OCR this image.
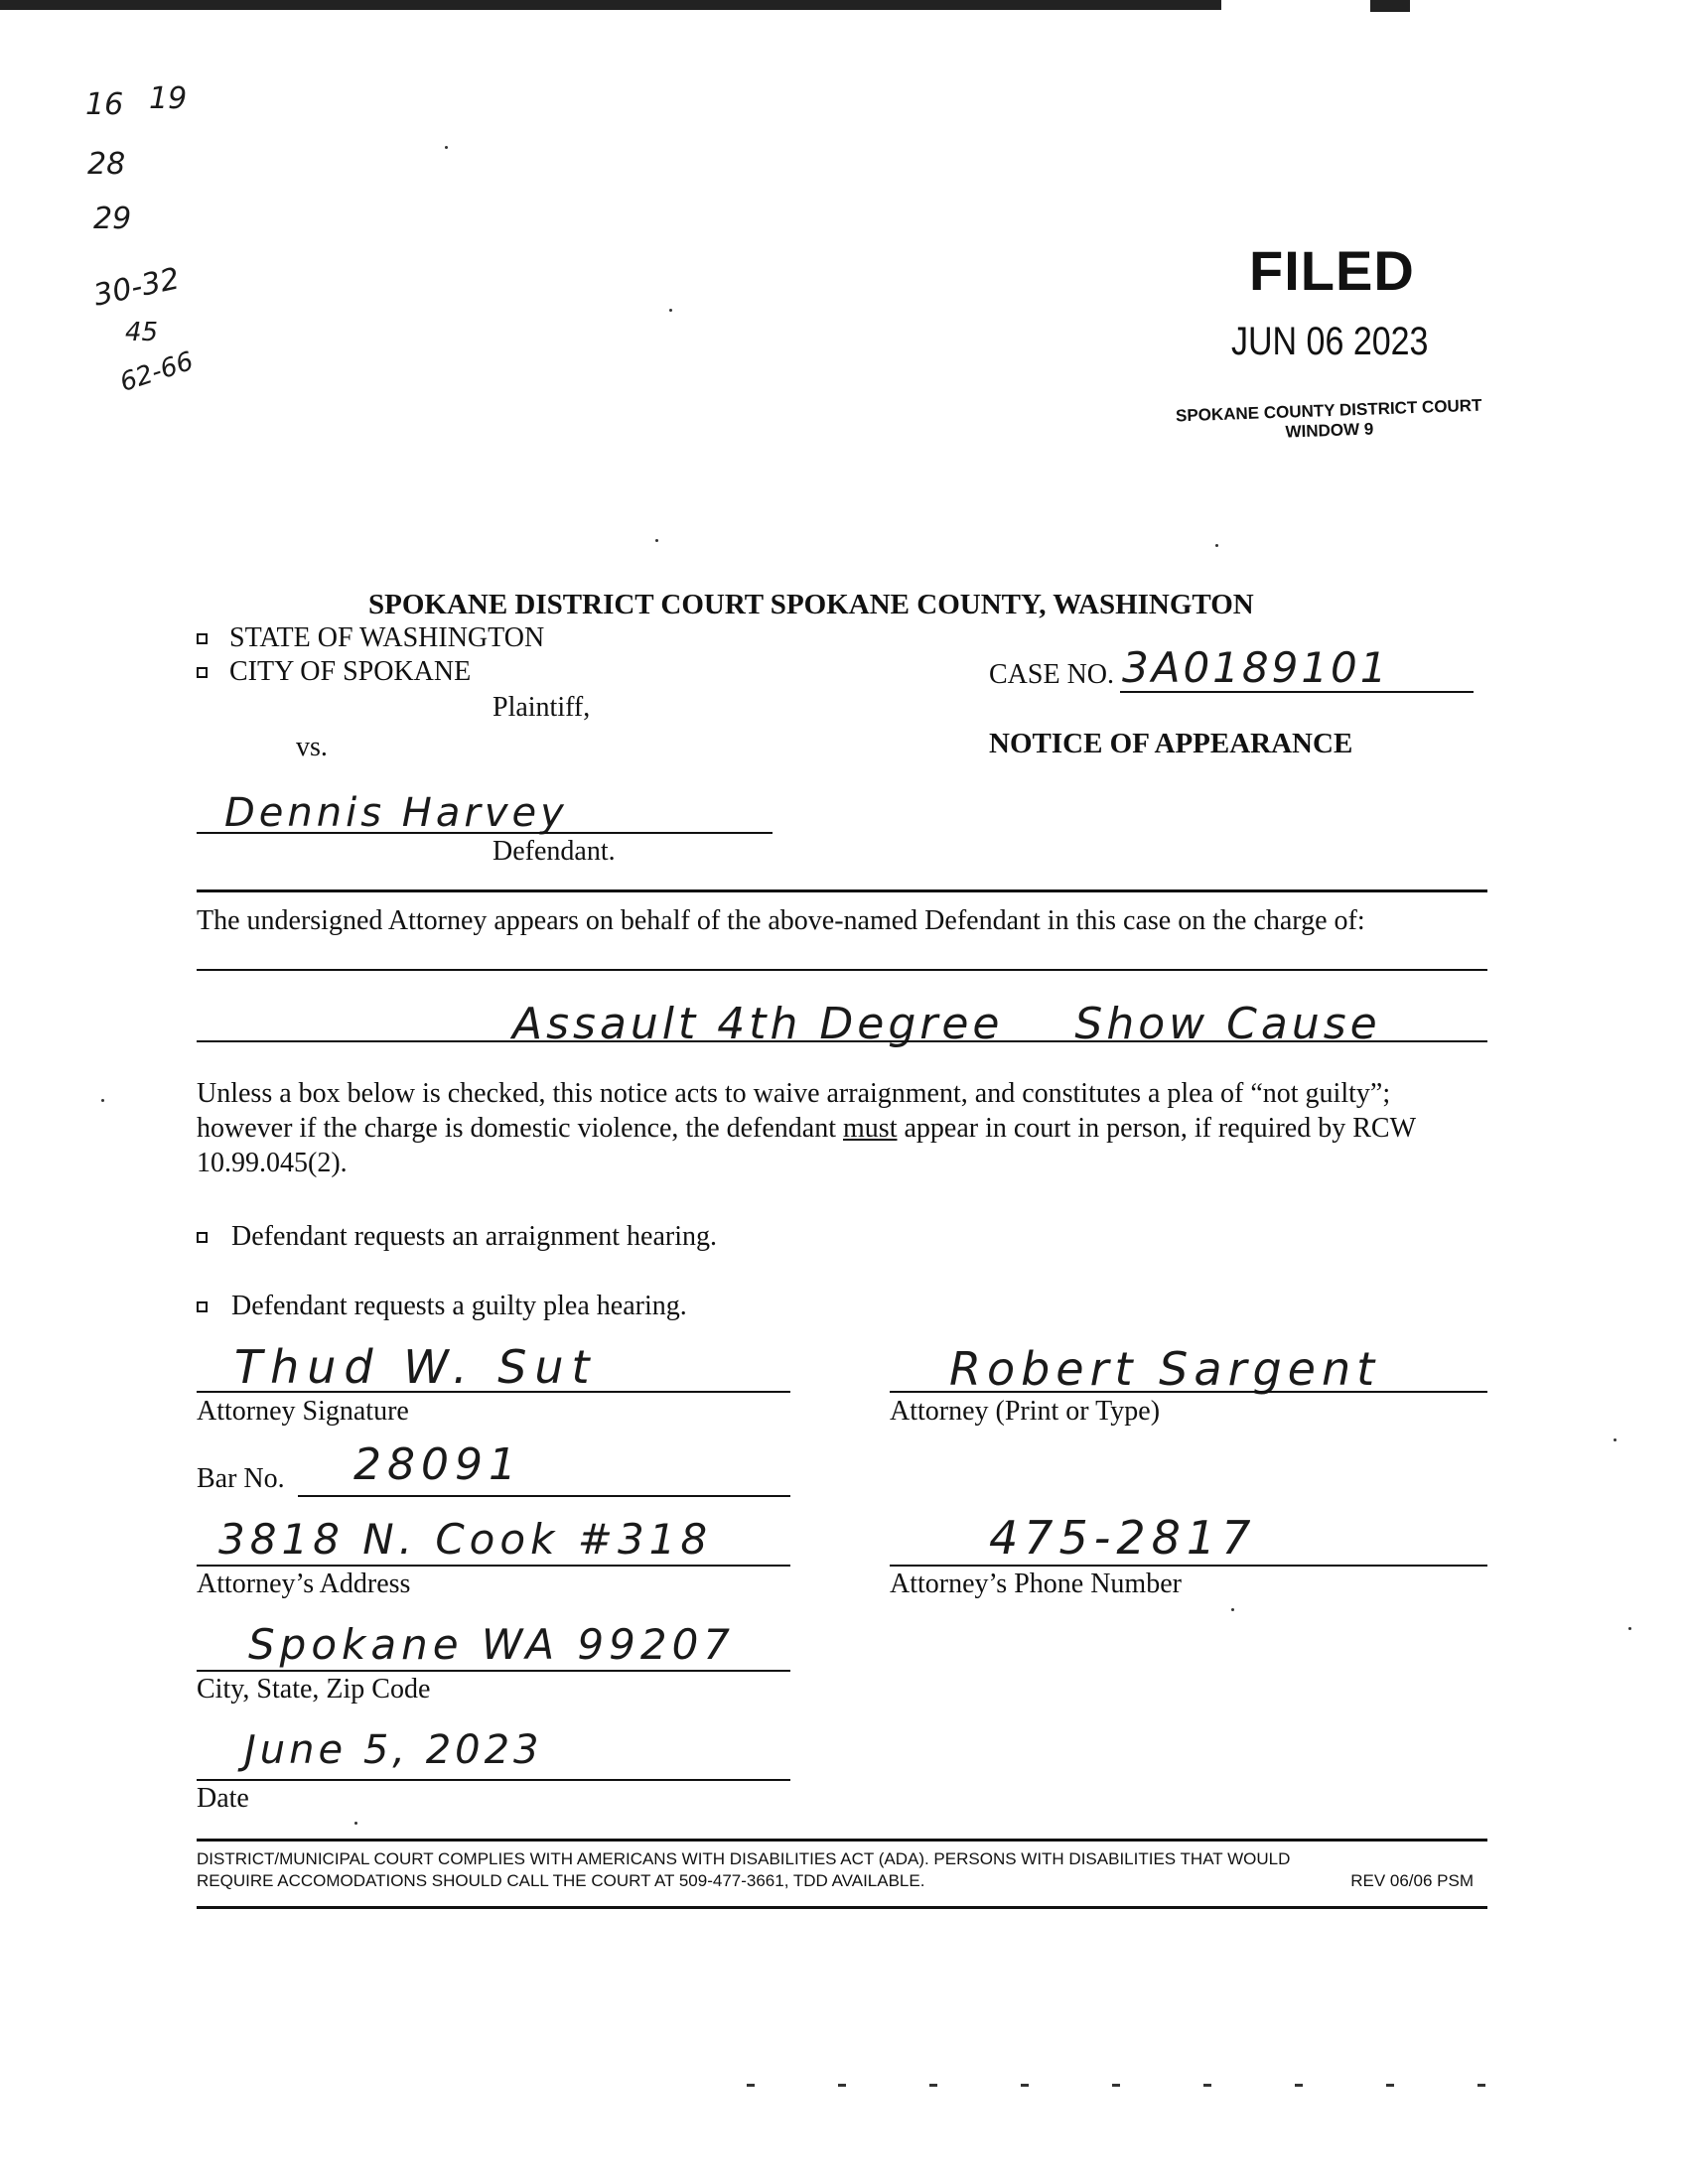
16 19
28
29
30-32
45
62-66
FILED
JUN 06 2023
SPOKANE COUNTY DISTRICT COURT
WINDOW 9
SPOKANE DISTRICT COURT SPOKANE COUNTY, WASHINGTON
STATE OF WASHINGTON
CITY OF SPOKANE
Plaintiff,
vs.
CASE NO. 3A0189101
NOTICE OF APPEARANCE
Dennis Harvey
Defendant.
The undersigned Attorney appears on behalf of the above-named Defendant in this case on the charge of:
Assault 4th Degree    Show Cause
Unless a box below is checked, this notice acts to waive arraignment, and constitutes a plea of “not guilty”; however if the charge is domestic violence, the defendant must appear in court in person, if required by RCW 10.99.045(2).
Defendant requests an arraignment hearing.
Defendant requests a guilty plea hearing.
Thud W. Sut
Attorney Signature
Bar No. 28091
3818 N. Cook #318
Attorney’s Address
Spokane WA 99207
City, State, Zip Code
June 5, 2023
Date
Robert Sargent
Attorney (Print or Type)
475-2817
Attorney’s Phone Number
DISTRICT/MUNICIPAL COURT COMPLIES WITH AMERICANS WITH DISABILITIES ACT (ADA). PERSONS WITH DISABILITIES THAT WOULD
REQUIRE ACCOMODATIONS SHOULD CALL THE COURT AT 509-477-3661, TDD AVAILABLE.	REV 06/06 PSM
